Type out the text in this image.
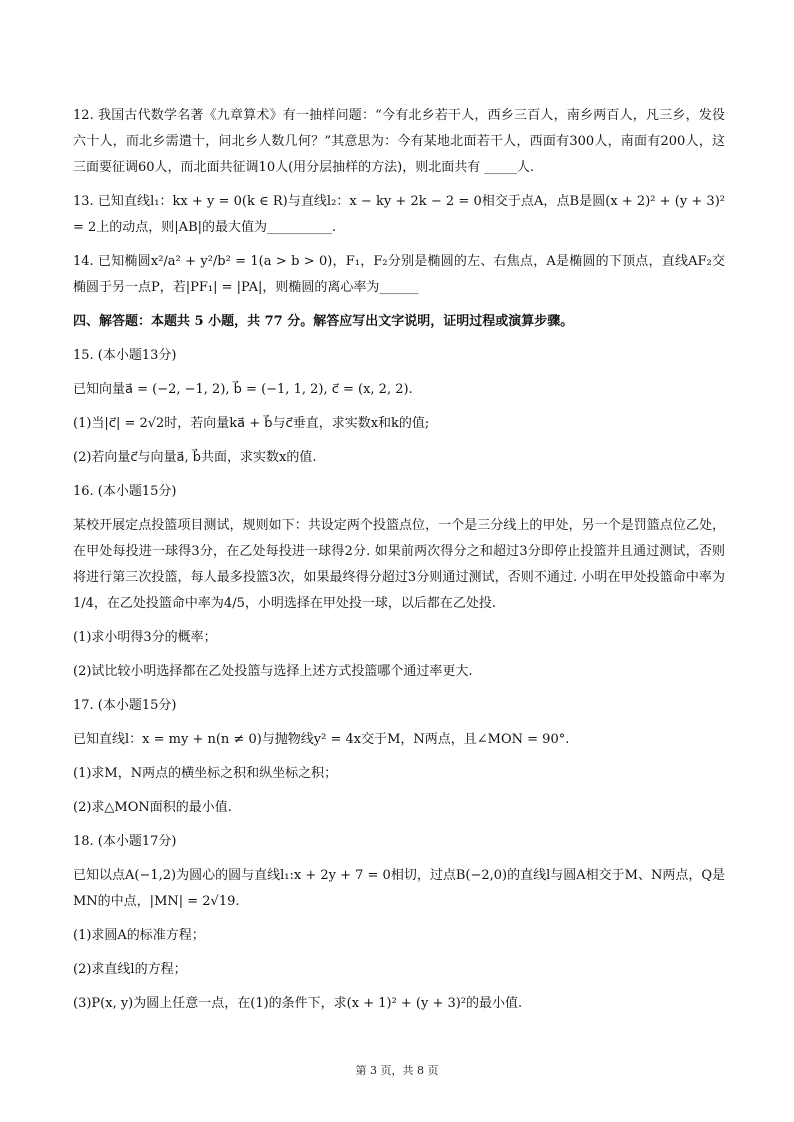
12. 我国古代数学名著《九章算术》有一抽样问题：“今有北乡若干人，西乡三百人，南乡两百人，凡三乡，发役六十人，而北乡需遣十，问北乡人数几何？”其意思为：今有某地北面若干人，西面有300人，南面有200人，这三面要征调60人，而北面共征调10人(用分层抽样的方法)，则北面共有 _____人.

13. 已知直线l₁：kx + y = 0(k ∈ R)与直线l₂：x − ky + 2k − 2 = 0相交于点A，点B是圆(x + 2)² + (y + 3)² = 2上的动点，则|AB|的最大值为__________.

14. 已知椭圆x²/a² + y²/b² = 1(a > b > 0)，F₁，F₂分别是椭圆的左、右焦点，A是椭圆的下顶点，直线AF₂交椭圆于另一点P，若|PF₁| = |PA|，则椭圆的离心率为______

四、解答题：本题共 5 小题，共 77 分。解答应写出文字说明，证明过程或演算步骤。

15. (本小题13分)

已知向量a⃗ = (−2, −1, 2), b⃗ = (−1, 1, 2), c⃗ = (x, 2, 2).

(1)当|c⃗| = 2√2时，若向量ka⃗ + b⃗与c⃗垂直，求实数x和k的值;

(2)若向量c⃗与向量a⃗, b⃗共面，求实数x的值.

16. (本小题15分)

某校开展定点投篮项目测试，规则如下：共设定两个投篮点位，一个是三分线上的甲处，另一个是罚篮点位乙处，在甲处每投进一球得3分，在乙处每投进一球得2分. 如果前两次得分之和超过3分即停止投篮并且通过测试，否则将进行第三次投篮，每人最多投篮3次，如果最终得分超过3分则通过测试，否则不通过. 小明在甲处投篮命中率为1/4，在乙处投篮命中率为4/5，小明选择在甲处投一球，以后都在乙处投.

(1)求小明得3分的概率；

(2)试比较小明选择都在乙处投篮与选择上述方式投篮哪个通过率更大.

17. (本小题15分)

已知直线l：x = my + n(n ≠ 0)与抛物线y² = 4x交于M，N两点，且∠MON = 90°.

(1)求M，N两点的横坐标之积和纵坐标之积；

(2)求△MON面积的最小值.

18. (本小题17分)

已知以点A(−1,2)为圆心的圆与直线l₁:x + 2y + 7 = 0相切，过点B(−2,0)的直线l与圆A相交于M、N两点，Q是MN的中点，|MN| = 2√19.

(1)求圆A的标准方程；

(2)求直线l的方程；

(3)P(x, y)为圆上任意一点，在(1)的条件下，求(x + 1)² + (y + 3)²的最小值.

第 3 页，共 8 页
